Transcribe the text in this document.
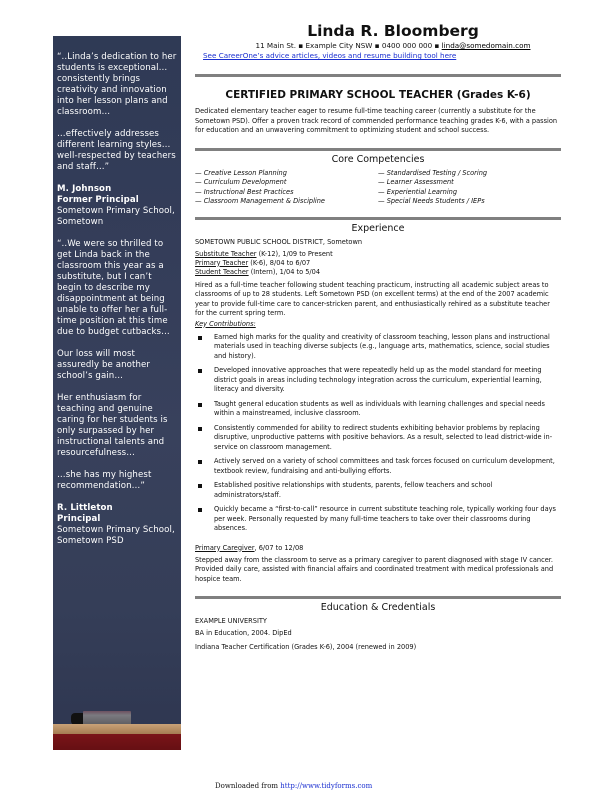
“..Linda’s dedication to her students is exceptional…consistently brings creativity and innovation into her lesson plans and classroom…

…effectively addresses different learning styles… well-respected by teachers and staff…”

M. Johnson
Former Principal
Sometown Primary School, Sometown

“..We were so thrilled to get Linda back in the classroom this year as a substitute, but I can’t begin to describe my disappointment at being unable to offer her a full-time position at this time due to budget cutbacks…

Our loss will most assuredly be another school’s gain…

Her enthusiasm for teaching and genuine caring for her students is only surpassed by her instructional talents and resourcefulness…

…she has my highest recommendation…”

R. Littleton
Principal
Sometown Primary School, Sometown PSD
Linda R. Bloomberg
11 Main St. ▪ Example City NSW ▪ 0400 000 000 ▪ linda@somedomain.com
See CareerOne’s advice articles, videos and resume building tool here
CERTIFIED PRIMARY SCHOOL TEACHER (Grades K-6)
Dedicated elementary teacher eager to resume full-time teaching career (currently a substitute for the Sometown PSD). Offer a proven track record of commended performance teaching grades K-6, with a passion for education and an unwavering commitment to optimizing student and school success.
Core Competencies
— Creative Lesson Planning
— Curriculum Development
— Instructional Best Practices
— Classroom Management & Discipline
— Standardised Testing / Scoring
— Learner Assessment
— Experiential Learning
— Special Needs Students / IEPs
Experience
SOMETOWN PUBLIC SCHOOL DISTRICT, Sometown
Substitute Teacher (K-12), 1/09 to Present
Primary Teacher (K-6), 8/04 to 6/07
Student Teacher (Intern), 1/04 to 5/04
Hired as a full-time teacher following student teaching practicum, instructing all academic subject areas to classrooms of up to 28 students. Left Sometown PSD (on excellent terms) at the end of the 2007 academic year to provide full-time care to cancer-stricken parent, and enthusiastically rehired as a substitute teacher for the current spring term.
Key Contributions:
Earned high marks for the quality and creativity of classroom teaching, lesson plans and instructional materials used in teaching diverse subjects (e.g., language arts, mathematics, science, social studies and history).
Developed innovative approaches that were repeatedly held up as the model standard for meeting district goals in areas including technology integration across the curriculum, experiential learning, literacy and diversity.
Taught general education students as well as individuals with learning challenges and special needs within a mainstreamed, inclusive classroom.
Consistently commended for ability to redirect students exhibiting behavior problems by replacing disruptive, unproductive patterns with positive behaviors. As a result, selected to lead district-wide in-service on classroom management.
Actively served on a variety of school committees and task forces focused on curriculum development, textbook review, fundraising and anti-bullying efforts.
Established positive relationships with students, parents, fellow teachers and school administrators/staff.
Quickly became a “first-to-call” resource in current substitute teaching role, typically working four days per week. Personally requested by many full-time teachers to take over their classrooms during absences.
Primary Caregiver, 6/07 to 12/08
Stepped away from the classroom to serve as a primary caregiver to parent diagnosed with stage IV cancer. Provided daily care, assisted with financial affairs and coordinated treatment with medical professionals and hospice team.
Education & Credentials
EXAMPLE UNIVERSITY
BA in Education, 2004. DipEd
Indiana Teacher Certification (Grades K-6), 2004 (renewed in 2009)
Downloaded from http://www.tidyforms.com
